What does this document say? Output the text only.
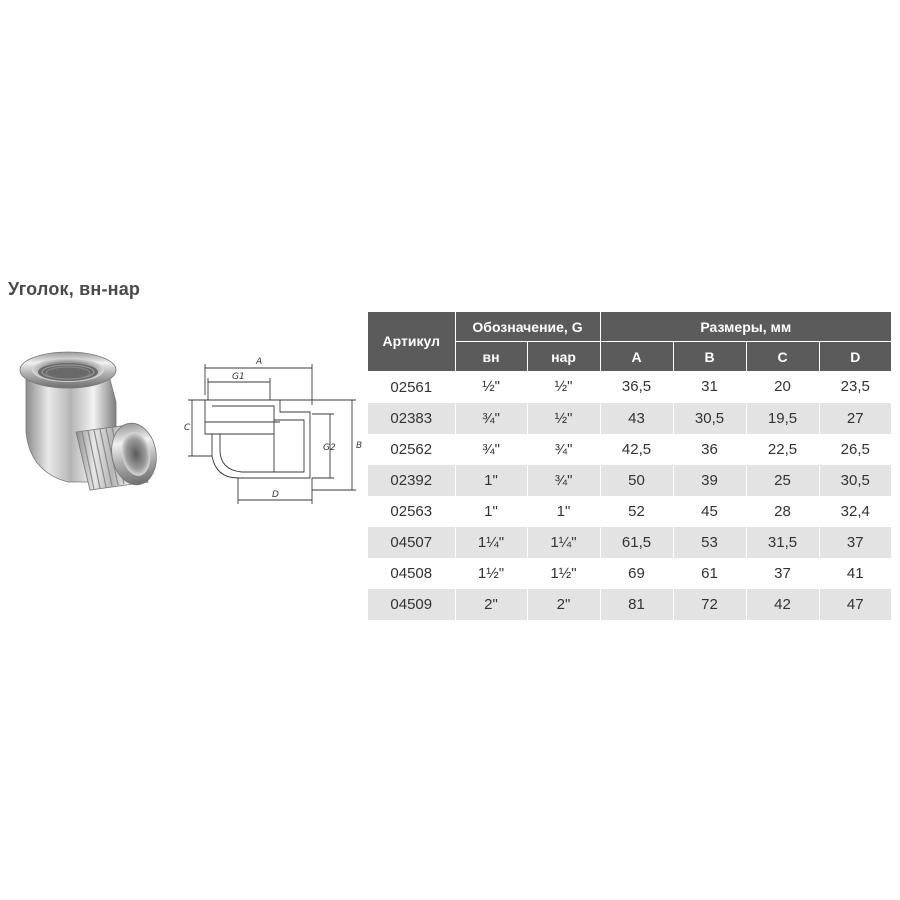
Уголок, вн-нар
A
G1
C
G2 B
D
Артикул	Обозначение, G		Размеры, мм			
	вн	нар	A	B	C	D
02561	½"	½"	36,5	31	20	23,5
02383	¾"	½"	43	30,5	19,5	27
02562	¾"	¾"	42,5	36	22,5	26,5
02392	1"	¾"	50	39	25	30,5
02563	1"	1"	52	45	28	32,4
04507	1¼"	1¼"	61,5	53	31,5	37
04508	1½"	1½"	69	61	37	41
04509	2"	2"	81	72	42	47
